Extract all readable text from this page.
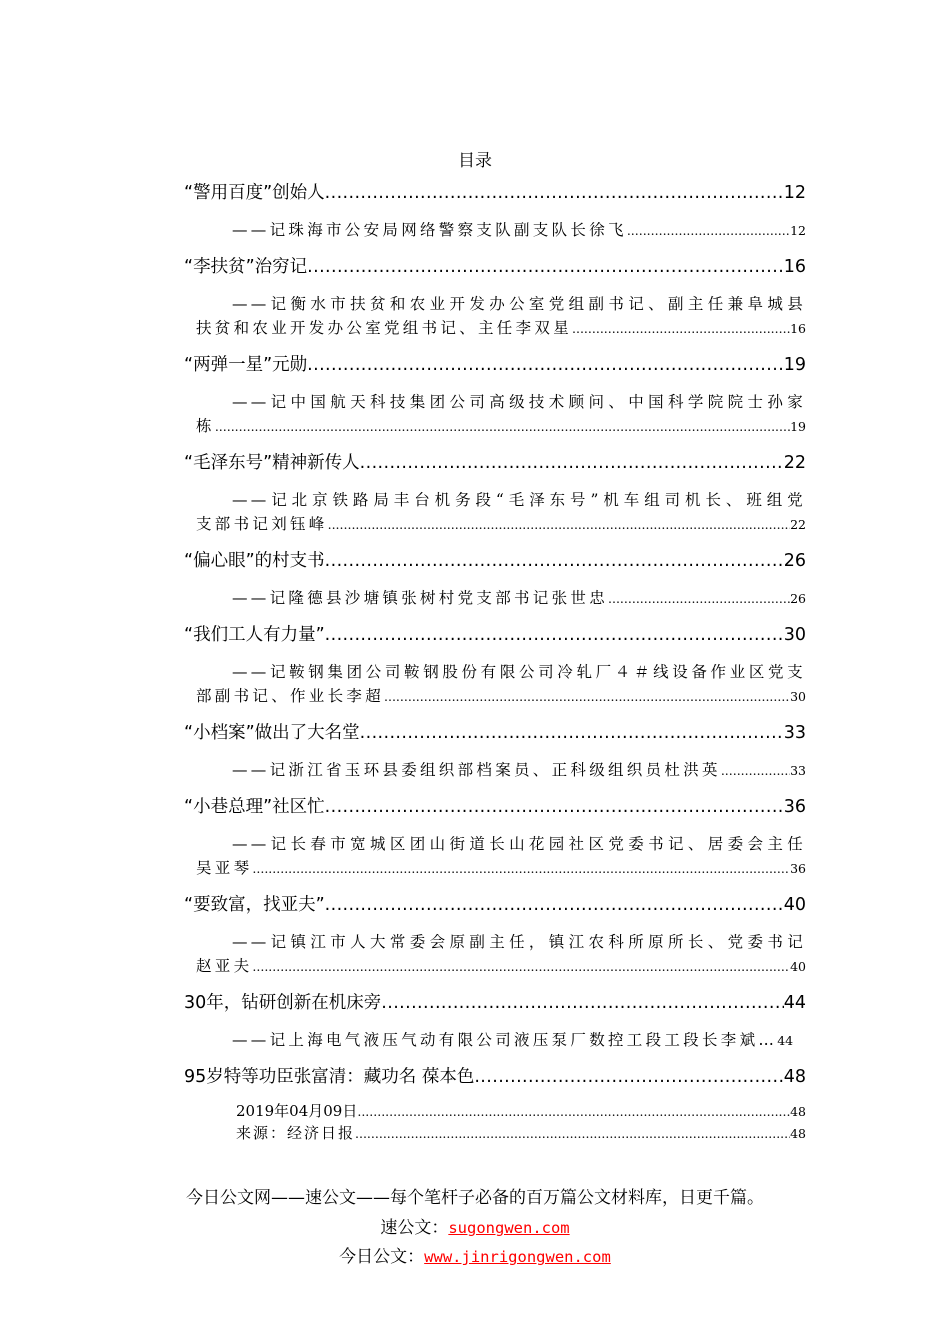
目录
“警用百度”创始人 .....	12
——记珠海市公安局网络警察支队副支队长徐飞 .....	12
“李扶贫”治穷记 .....	16
——记衡水市扶贫和农业开发办公室党组副书记、副主任兼阜城县
扶贫和农业开发办公室党组书记、主任李双星 .....	16
“两弹一星”元勋 .....	19
——记中国航天科技集团公司高级技术顾问、中国科学院院士孙家
栋 .....	19
“毛泽东号”精神新传人 .....	22
——记北京铁路局丰台机务段“毛泽东号”机车组司机长、班组党
支部书记刘钰峰 .....	22
“偏心眼”的村支书 .....	26
——记隆德县沙塘镇张树村党支部书记张世忠 .....	26
“我们工人有力量” .....	30
——记鞍钢集团公司鞍钢股份有限公司冷轧厂４＃线设备作业区党支
部副书记、作业长李超 .....	30
“小档案”做出了大名堂 .....	33
——记浙江省玉环县委组织部档案员、正科级组织员杜洪英 .....	33
“小巷总理”社区忙 .....	36
——记长春市宽城区团山街道长山花园社区党委书记、居委会主任
吴亚琴 .....	36
“要致富，找亚夫” .....	40
——记镇江市人大常委会原副主任，镇江农科所原所长、党委书记
赵亚夫 .....	40
30年，钻研创新在机床旁 .....	44
——记上海电气液压气动有限公司液压泵厂数控工段工段长李斌… 44
95岁特等功臣张富清：藏功名 葆本色 .....	48
2019年04月09日 .....	48
来源：经济日报 .....	48
今日公文网——速公文——每个笔杆子必备的百万篇公文材料库，日更千篇。
速公文：sugongwen.com
今日公文：www.jinrigongwen.com
